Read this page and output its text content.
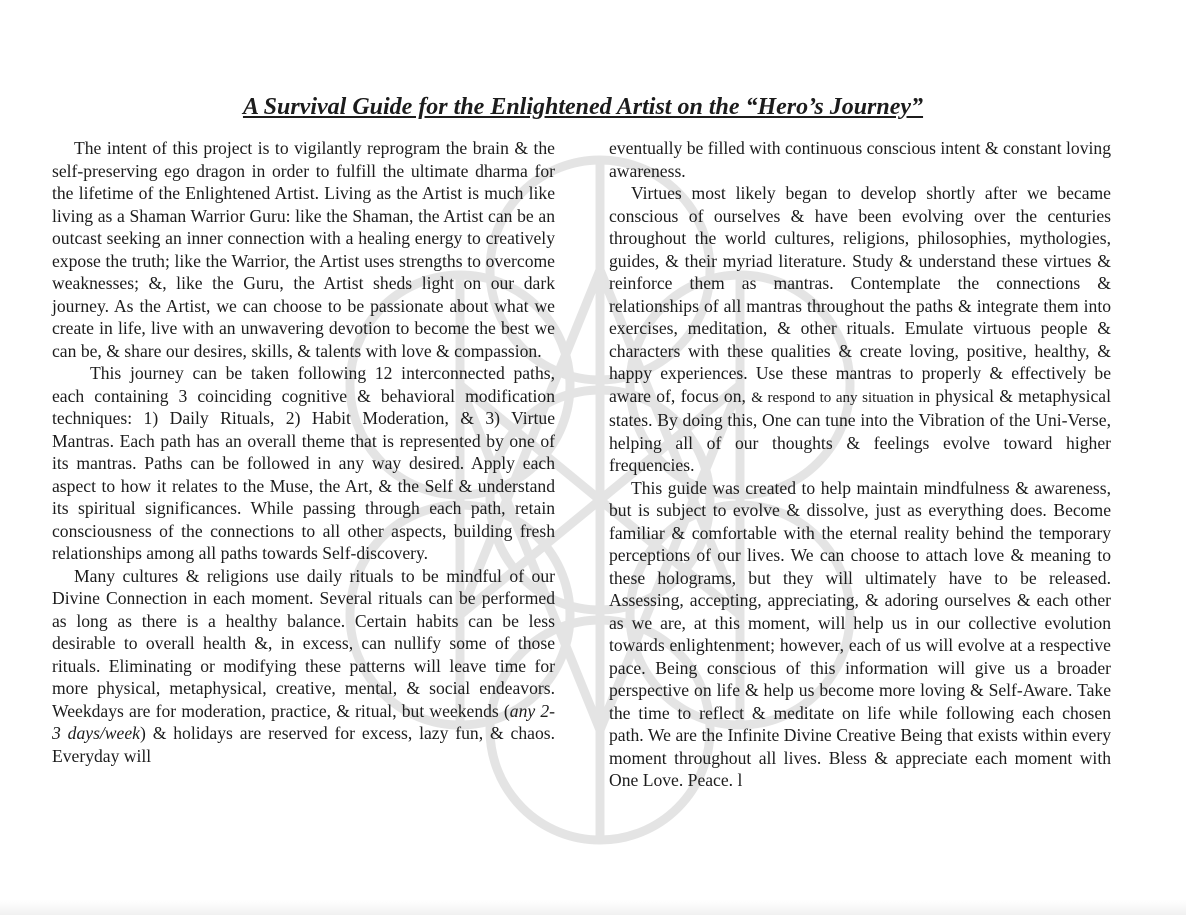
A Survival Guide for the Enlightened Artist on the “Hero’s Journey”

The intent of this project is to vigilantly reprogram the brain & the self-preserving ego dragon in order to fulfill the ultimate dharma for the lifetime of the Enlightened Artist. Living as the Artist is much like living as a Shaman Warrior Guru: like the Shaman, the Artist can be an outcast seeking an inner connection with a healing energy to creatively expose the truth; like the Warrior, the Artist uses strengths to overcome weaknesses; &, like the Guru, the Artist sheds light on our dark journey. As the Artist, we can choose to be passionate about what we create in life, live with an unwavering devotion to become the best we can be, & share our desires, skills, & talents with love & compassion.

This journey can be taken following 12 interconnected paths, each containing 3 coinciding cognitive & behavioral modification techniques: 1) Daily Rituals, 2) Habit Moderation, & 3) Virtue Mantras. Each path has an overall theme that is represented by one of its mantras. Paths can be followed in any way desired. Apply each aspect to how it relates to the Muse, the Art, & the Self & understand its spiritual significances. While passing through each path, retain consciousness of the connections to all other aspects, building fresh relationships among all paths towards Self-discovery.

Many cultures & religions use daily rituals to be mindful of our Divine Connection in each moment. Several rituals can be performed as long as there is a healthy balance. Certain habits can be less desirable to overall health &, in excess, can nullify some of those rituals. Eliminating or modifying these patterns will leave time for more physical, metaphysical, creative, mental, & social endeavors. Weekdays are for moderation, practice, & ritual, but weekends (any 2-3 days/week) & holidays are reserved for excess, lazy fun, & chaos. Everyday will

eventually be filled with continuous conscious intent & constant loving awareness.

Virtues most likely began to develop shortly after we became conscious of ourselves & have been evolving over the centuries throughout the world cultures, religions, philosophies, mythologies, guides, & their myriad literature. Study & understand these virtues & reinforce them as mantras. Contemplate the connections & relationships of all mantras throughout the paths & integrate them into exercises, meditation, & other rituals. Emulate virtuous people & characters with these qualities & create loving, positive, healthy, & happy experiences. Use these mantras to properly & effectively be aware of, focus on, & respond to any situation in physical & metaphysical states. By doing this, One can tune into the Vibration of the Uni-Verse, helping all of our thoughts & feelings evolve toward higher frequencies.

This guide was created to help maintain mindfulness & awareness, but is subject to evolve & dissolve, just as everything does. Become familiar & comfortable with the eternal reality behind the temporary perceptions of our lives. We can choose to attach love & meaning to these holograms, but they will ultimately have to be released. Assessing, accepting, appreciating, & adoring ourselves & each other as we are, at this moment, will help us in our collective evolution towards enlightenment; however, each of us will evolve at a respective pace. Being conscious of this information will give us a broader perspective on life & help us become more loving & Self-Aware. Take the time to reflect & meditate on life while following each chosen path. We are the Infinite Divine Creative Being that exists within every moment throughout all lives. Bless & appreciate each moment with One Love. Peace. l
